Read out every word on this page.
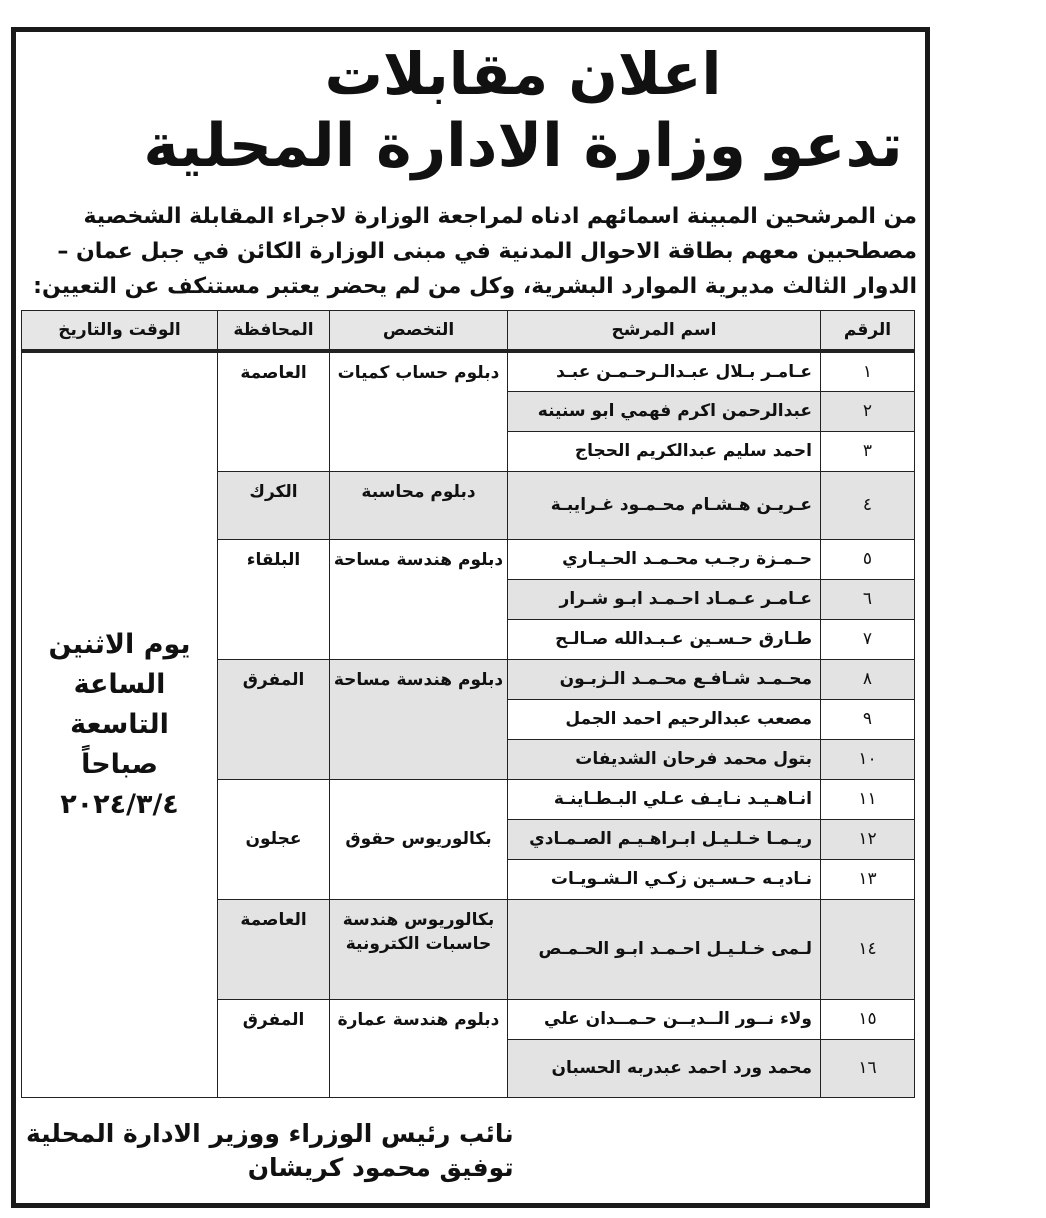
اعلان مقابلات
تدعو وزارة الادارة المحلية
من المرشحين المبينة اسمائهم ادناه لمراجعة الوزارة لاجراء المقابلة الشخصية
مصطحبين معهم بطاقة الاحوال المدنية في مبنى الوزارة الكائن في جبل عمان –
الدوار الثالث مديرية الموارد البشرية، وكل من لم يحضر يعتبر مستنكف عن التعيين:
الرقم	اسم المرشح	التخصص	المحافظة	الوقت والتاريخ
١	عـامـر بـلال عبـدالـرحـمـن عبـد	دبلوم حساب كميات	العاصمة	يوم الاثنين
الساعة
التاسعة
صباحاً
٢٠٢٤/٣/٤

٢	عبدالرحمن اكرم فهمي ابو سنينه			
٣	احمد سليم عبدالكريم الحجاج			
٤	عـريـن هـشـام محـمـود غـرايبـة	دبلوم محاسبة	الكرك	
٥	حـمـزة رجـب محـمـد الحـيـاري	دبلوم هندسة مساحة	البلقاء	
٦	عـامـر عـمـاد احـمـد ابـو شـرار			
٧	طـارق حـسـين عـبـدالله صـالـح			
٨	محـمـد شـافـع محـمـد الـزبـون	دبلوم هندسة مساحة	المفرق	
٩	مصعب عبدالرحيم احمد الجمل			
١٠	بتول محمد فرحان الشديفات			
١١	انـاهـيـد نـايـف عـلي البـطـاينـة	بكالوريوس حقوق	عجلون	
١٢	ريـمـا خـلـيـل ابـراهـيـم الصـمـادي			
١٣	نـاديـه حـسـين زكـي الـشـويـات			
١٤	لـمى خـلـيـل احـمـد ابـو الحـمـص	بكالوريوس هندسة حاسبات الكترونية	العاصمة	
١٥	ولاء نــور الــديــن حـمــدان علي	دبلوم هندسة عمارة	المفرق	
١٦	محمد ورد احمد عبدربه الحسبان			
نائب رئيس الوزراء ووزير الادارة المحلية
توفيق محمود كريشان
